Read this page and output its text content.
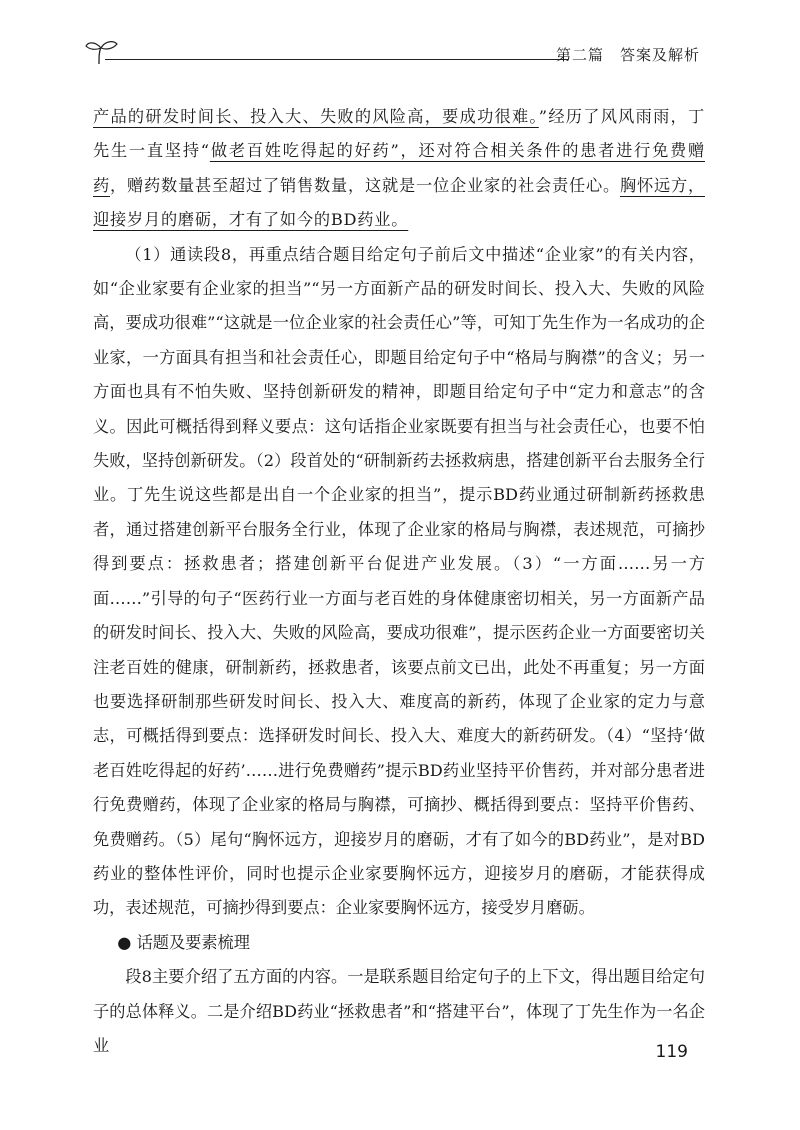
第二篇　答案及解析

产品的研发时间长、投入大、失败的风险高，要成功很难。”经历了风风雨雨，丁先生一直坚持“做老百姓吃得起的好药”，还对符合相关条件的患者进行免费赠药，赠药数量甚至超过了销售数量，这就是一位企业家的社会责任心。胸怀远方，迎接岁月的磨砺，才有了如今的BD药业。

（1）通读段8，再重点结合题目给定句子前后文中描述“企业家”的有关内容，如“企业家要有企业家的担当”“另一方面新产品的研发时间长、投入大、失败的风险高，要成功很难”“这就是一位企业家的社会责任心”等，可知丁先生作为一名成功的企业家，一方面具有担当和社会责任心，即题目给定句子中“格局与胸襟”的含义；另一方面也具有不怕失败、坚持创新研发的精神，即题目给定句子中“定力和意志”的含义。因此可概括得到释义要点：这句话指企业家既要有担当与社会责任心，也要不怕失败，坚持创新研发。（2）段首处的“研制新药去拯救病患，搭建创新平台去服务全行业。丁先生说这些都是出自一个企业家的担当”，提示BD药业通过研制新药拯救患者，通过搭建创新平台服务全行业，体现了企业家的格局与胸襟，表述规范，可摘抄得到要点：拯救患者；搭建创新平台促进产业发展。（3）“一方面……另一方面……”引导的句子“医药行业一方面与老百姓的身体健康密切相关，另一方面新产品的研发时间长、投入大、失败的风险高，要成功很难”，提示医药企业一方面要密切关注老百姓的健康，研制新药，拯救患者，该要点前文已出，此处不再重复；另一方面也要选择研制那些研发时间长、投入大、难度高的新药，体现了企业家的定力与意志，可概括得到要点：选择研发时间长、投入大、难度大的新药研发。（4）“坚持‘做老百姓吃得起的好药’……进行免费赠药”提示BD药业坚持平价售药，并对部分患者进行免费赠药，体现了企业家的格局与胸襟，可摘抄、概括得到要点：坚持平价售药、免费赠药。（5）尾句“胸怀远方，迎接岁月的磨砺，才有了如今的BD药业”，是对BD药业的整体性评价，同时也提示企业家要胸怀远方，迎接岁月的磨砺，才能获得成功，表述规范，可摘抄得到要点：企业家要胸怀远方，接受岁月磨砺。

● 话题及要素梳理

段8主要介绍了五方面的内容。一是联系题目给定句子的上下文，得出题目给定句子的总体释义。二是介绍BD药业“拯救患者”和“搭建平台”，体现了丁先生作为一名企业	119
